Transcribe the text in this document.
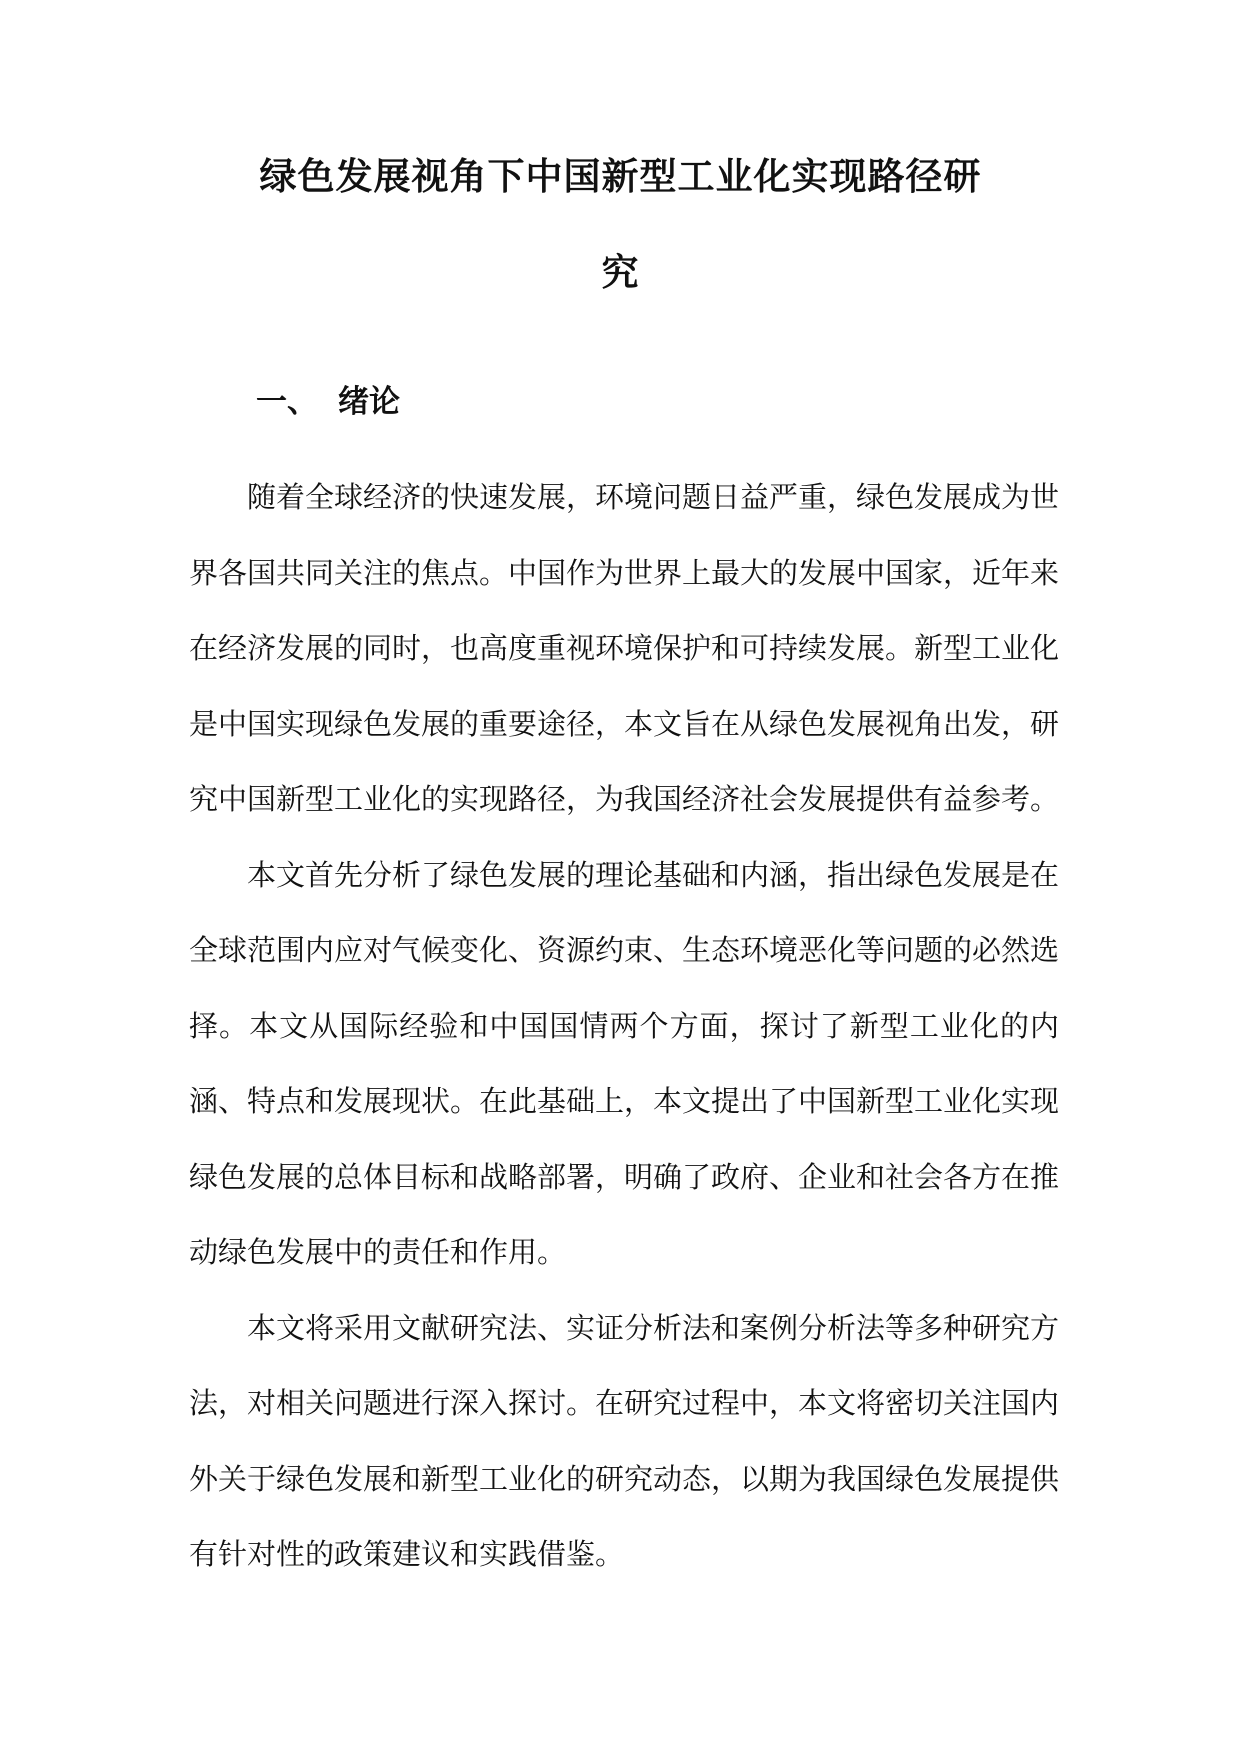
绿色发展视角下中国新型工业化实现路径研
究
一、 绪论

随着全球经济的快速发展，环境问题日益严重，绿色发展成为世界各国共同关注的焦点。中国作为世界上最大的发展中国家，近年来在经济发展的同时，也高度重视环境保护和可持续发展。新型工业化是中国实现绿色发展的重要途径，本文旨在从绿色发展视角出发，研究中国新型工业化的实现路径，为我国经济社会发展提供有益参考。

本文首先分析了绿色发展的理论基础和内涵，指出绿色发展是在全球范围内应对气候变化、资源约束、生态环境恶化等问题的必然选择。本文从国际经验和中国国情两个方面，探讨了新型工业化的内涵、特点和发展现状。在此基础上，本文提出了中国新型工业化实现绿色发展的总体目标和战略部署，明确了政府、企业和社会各方在推动绿色发展中的责任和作用。

本文将采用文献研究法、实证分析法和案例分析法等多种研究方法，对相关问题进行深入探讨。在研究过程中，本文将密切关注国内外关于绿色发展和新型工业化的研究动态，以期为我国绿色发展提供有针对性的政策建议和实践借鉴。
